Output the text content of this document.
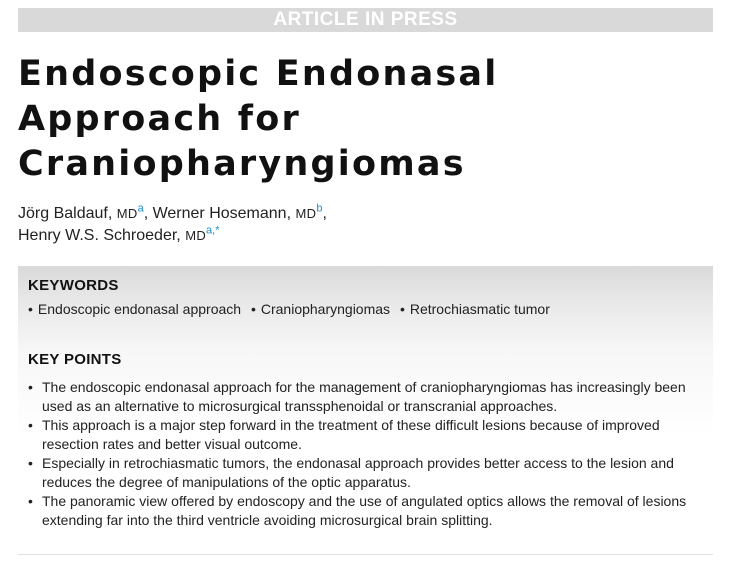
ARTICLE IN PRESS
Endoscopic Endonasal
Approach for
Craniopharyngiomas
Jörg Baldauf, MD$^a$, Werner Hosemann, MD$^b$,
Henry W.S. Schroeder, MD$^{a,*}$
KEYWORDS
• Endoscopic endonasal approach • Craniopharyngiomas • Retrochiasmatic tumor
KEY POINTS
• The endoscopic endonasal approach for the management of craniopharyngiomas has increasingly been used as an alternative to microsurgical transsphenoidal or transcranial approaches.
• This approach is a major step forward in the treatment of these difficult lesions because of improved resection rates and better visual outcome.
• Especially in retrochiasmatic tumors, the endonasal approach provides better access to the lesion and reduces the degree of manipulations of the optic apparatus.
• The panoramic view offered by endoscopy and the use of angulated optics allows the removal of lesions extending far into the third ventricle avoiding microsurgical brain splitting.
